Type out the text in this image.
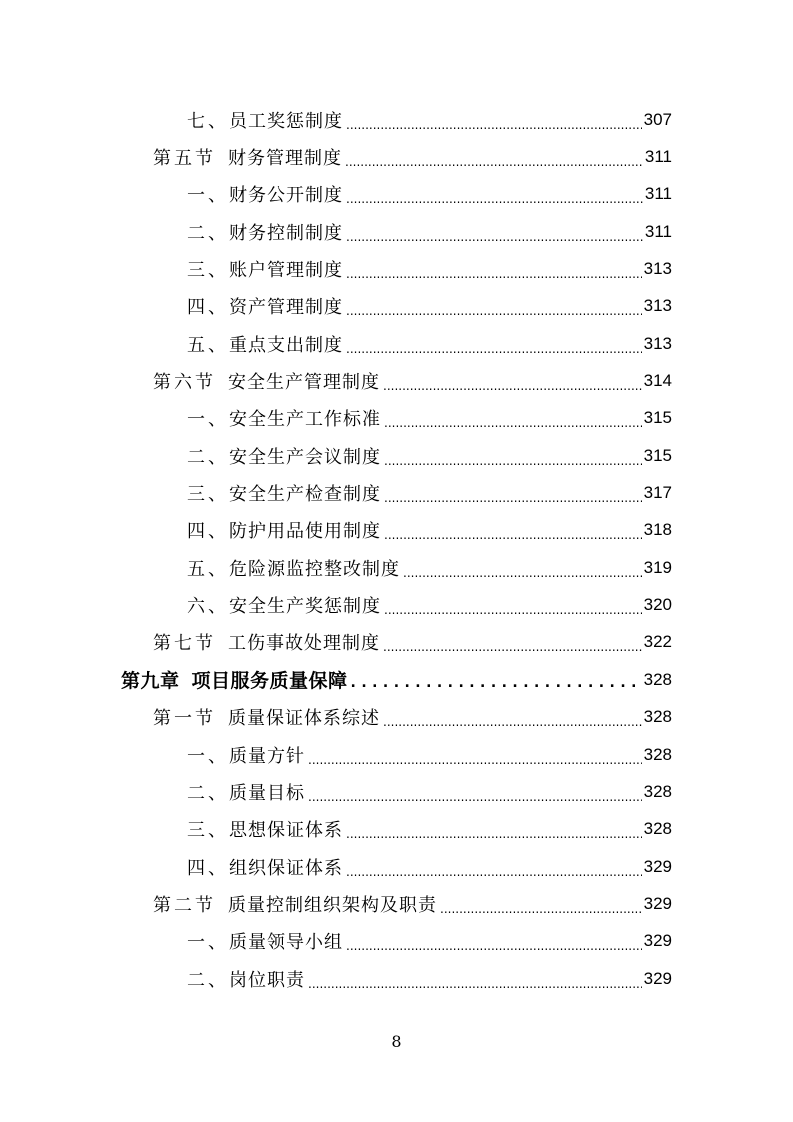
七、员工奖惩制度 .....	307
第五节 财务管理制度 .....	311
一、财务公开制度 .....	311
二、财务控制制度 .....	311
三、账户管理制度 .....	313
四、资产管理制度 .....	313
五、重点支出制度 .....	313
第六节 安全生产管理制度 .....	314
一、安全生产工作标准 .....	315
二、安全生产会议制度 .....	315
三、安全生产检查制度 .....	317
四、防护用品使用制度 .....	318
五、危险源监控整改制度 .....	319
六、安全生产奖惩制度 .....	320
第七节 工伤事故处理制度 .....	322
第九章 项目服务质量保障 . . .	328
第一节 质量保证体系综述 .....	328
一、质量方针 .....	328
二、质量目标 .....	328
三、思想保证体系 .....	328
四、组织保证体系 .....	329
第二节 质量控制组织架构及职责 .....	329
一、质量领导小组 .....	329
二、岗位职责 .....	329
8
